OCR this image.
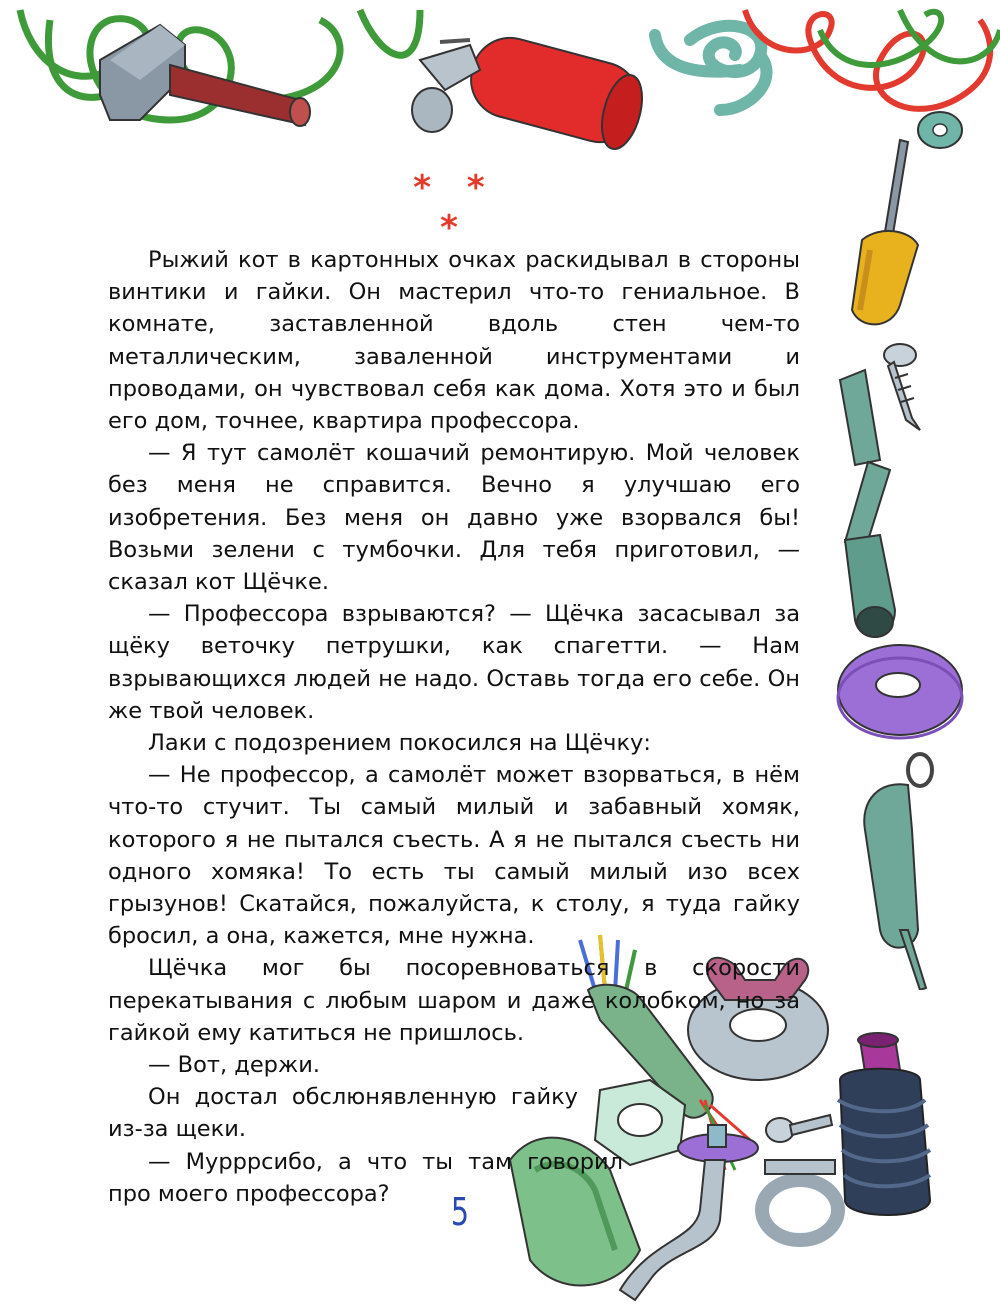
* * *

Рыжий кот в картонных очках раскидывал в стороны винтики и гайки. Он мастерил что-то гениальное. В комнате, заставленной вдоль стен чем-то металлическим, заваленной инструментами и проводами, он чувствовал себя как дома. Хотя это и был его дом, точнее, квартира профессора.

— Я тут самолёт кошачий ремонтирую. Мой человек без меня не справится. Вечно я улучшаю его изобретения. Без меня он давно уже взорвался бы! Возьми зелени с тумбочки. Для тебя приготовил, — сказал кот Щёчке.

— Профессора взрываются? — Щёчка засасывал за щёку веточку петрушки, как спагетти. — Нам взрывающихся людей не надо. Оставь тогда его себе. Он же твой человек.

Лаки с подозрением покосился на Щёчку:

— Не профессор, а самолёт может взорваться, в нём что-то стучит. Ты самый милый и забавный хомяк, которого я не пытался съесть. А я не пытался съесть ни одного хомяка! То есть ты самый милый изо всех грызунов! Скатайся, пожалуйста, к столу, я туда гайку бросил, а она, кажется, мне нужна.

Щёчка мог бы посоревноваться в скорости перекатывания с любым шаром и даже колобком, но за гайкой ему катиться не пришлось.

— Вот, держи.

Он достал обслюнявленную гайку из-за щеки.

— Мурррсибо, а что ты там говорил про моего профессора?	5
